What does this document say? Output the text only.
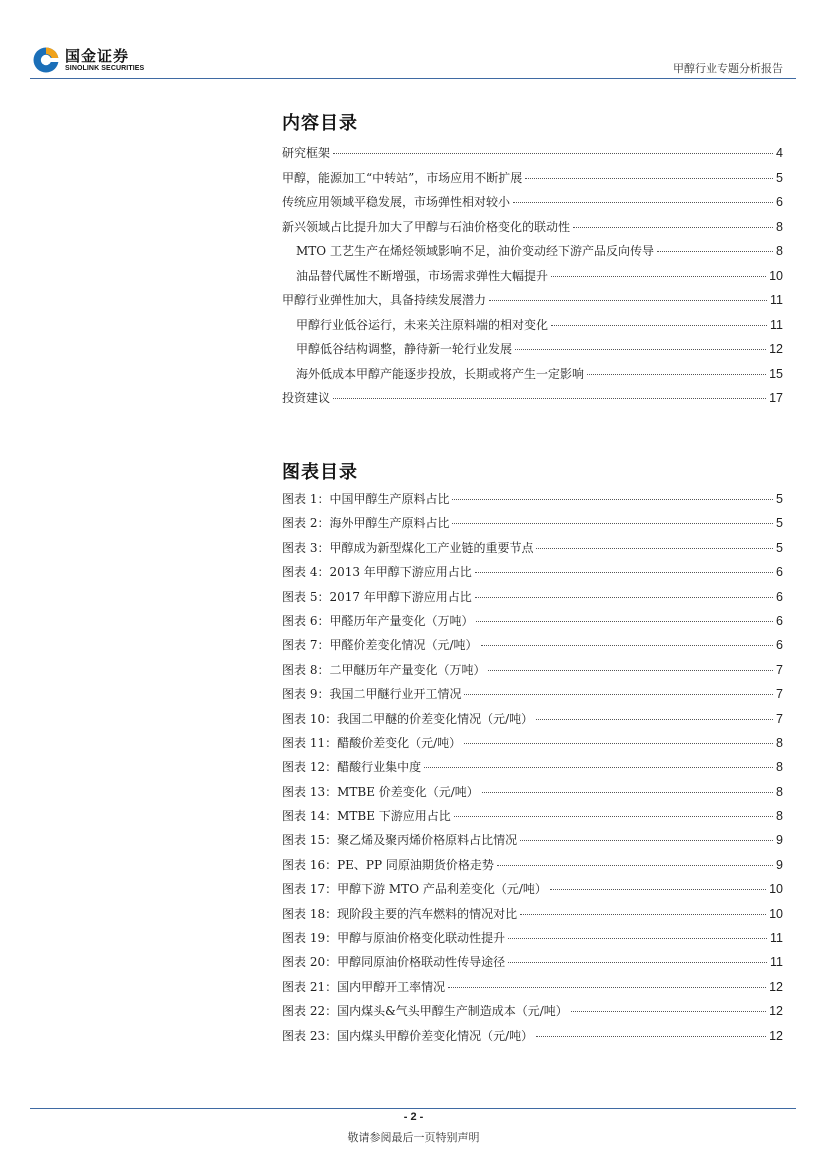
国金证券
SINOLINK SECURITIES	甲醇行业专题分析报告
内容目录
研究框架	4
甲醇，能源加工“中转站”，市场应用不断扩展	5
传统应用领域平稳发展，市场弹性相对较小	6
新兴领域占比提升加大了甲醇与石油价格变化的联动性	8
MTO 工艺生产在烯烃领域影响不足，油价变动经下游产品反向传导	8
油品替代属性不断增强，市场需求弹性大幅提升	10
甲醇行业弹性加大，具备持续发展潜力	11
甲醇行业低谷运行，未来关注原料端的相对变化	11
甲醇低谷结构调整，静待新一轮行业发展	12
海外低成本甲醇产能逐步投放，长期或将产生一定影响	15
投资建议	17
图表目录
图表 1：中国甲醇生产原料占比	5
图表 2：海外甲醇生产原料占比	5
图表 3：甲醇成为新型煤化工产业链的重要节点	5
图表 4：2013 年甲醇下游应用占比	6
图表 5：2017 年甲醇下游应用占比	6
图表 6：甲醛历年产量变化（万吨）	6
图表 7：甲醛价差变化情况（元/吨）	6
图表 8：二甲醚历年产量变化（万吨）	7
图表 9：我国二甲醚行业开工情况	7
图表 10：我国二甲醚的价差变化情况（元/吨）	7
图表 11：醋酸价差变化（元/吨）	8
图表 12：醋酸行业集中度	8
图表 13：MTBE 价差变化（元/吨）	8
图表 14：MTBE 下游应用占比	8
图表 15：聚乙烯及聚丙烯价格原料占比情况	9
图表 16：PE、PP 同原油期货价格走势	9
图表 17：甲醇下游 MTO 产品利差变化（元/吨）	10
图表 18：现阶段主要的汽车燃料的情况对比	10
图表 19：甲醇与原油价格变化联动性提升	11
图表 20：甲醇同原油价格联动性传导途径	11
图表 21：国内甲醇开工率情况	12
图表 22：国内煤头&气头甲醇生产制造成本（元/吨）	12
图表 23：国内煤头甲醇价差变化情况（元/吨）	12
- 2 -
敬请参阅最后一页特别声明
